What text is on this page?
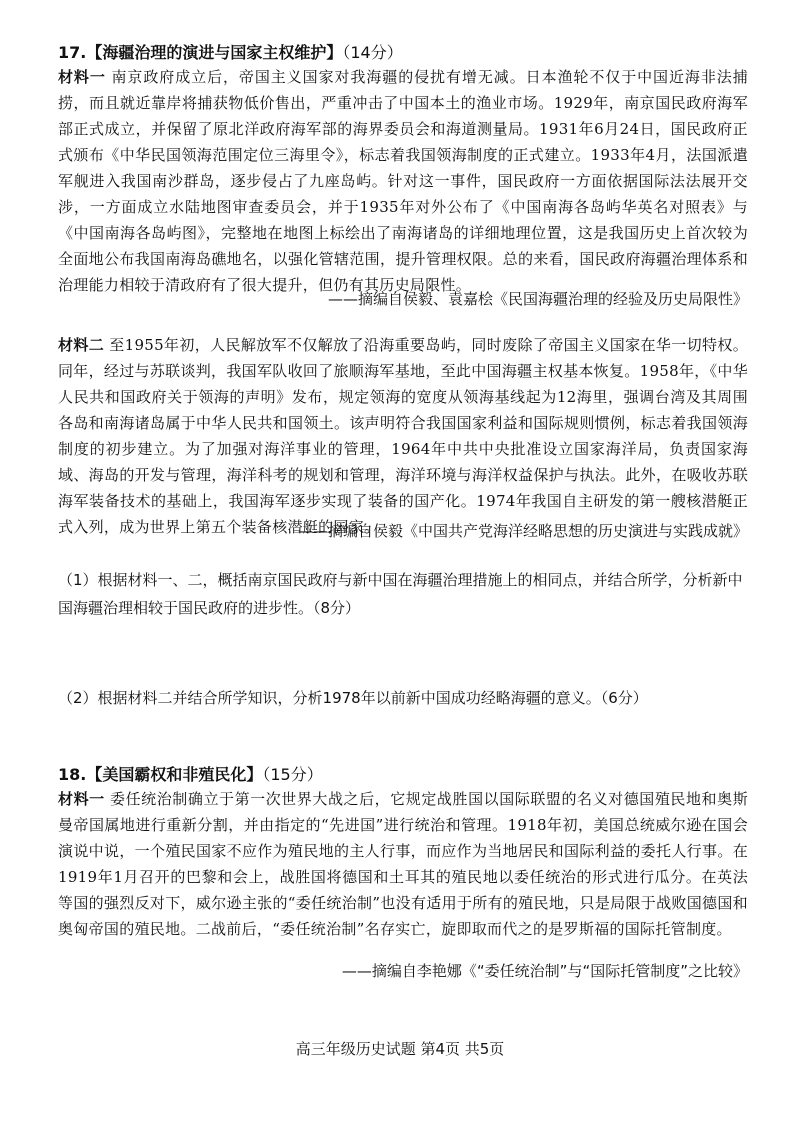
17.【海疆治理的演进与国家主权维护】（14分）
材料一 南京政府成立后，帝国主义国家对我海疆的侵扰有增无减。日本渔轮不仅于中国近海非法捕捞，而且就近靠岸将捕获物低价售出，严重冲击了中国本土的渔业市场。1929年，南京国民政府海军部正式成立，并保留了原北洋政府海军部的海界委员会和海道测量局。1931年6月24日，国民政府正式颁布《中华民国领海范围定位三海里令》，标志着我国领海制度的正式建立。1933年4月，法国派遣军舰进入我国南沙群岛，逐步侵占了九座岛屿。针对这一事件，国民政府一方面依据国际法法展开交涉，一方面成立水陆地图审查委员会，并于1935年对外公布了《中国南海各岛屿华英名对照表》与《中国南海各岛屿图》，完整地在地图上标绘出了南海诸岛的详细地理位置，这是我国历史上首次较为全面地公布我国南海岛礁地名，以强化管辖范围，提升管理权限。总的来看，国民政府海疆治理体系和治理能力相较于清政府有了很大提升，但仍有其历史局限性。
——摘编自侯毅、袁嘉桧《民国海疆治理的经验及历史局限性》
材料二 至1955年初，人民解放军不仅解放了沿海重要岛屿，同时废除了帝国主义国家在华一切特权。同年，经过与苏联谈判，我国军队收回了旅顺海军基地，至此中国海疆主权基本恢复。1958年，《中华人民共和国政府关于领海的声明》发布，规定领海的宽度从领海基线起为12海里，强调台湾及其周围各岛和南海诸岛属于中华人民共和国领土。该声明符合我国国家利益和国际规则惯例，标志着我国领海制度的初步建立。为了加强对海洋事业的管理，1964年中共中央批准设立国家海洋局，负责国家海域、海岛的开发与管理，海洋科考的规划和管理，海洋环境与海洋权益保护与执法。此外，在吸收苏联海军装备技术的基础上，我国海军逐步实现了装备的国产化。1974年我国自主研发的第一艘核潜艇正式入列，成为世界上第五个装备核潜艇的国家。
——摘编自侯毅《中国共产党海洋经略思想的历史演进与实践成就》
（1）根据材料一、二，概括南京国民政府与新中国在海疆治理措施上的相同点，并结合所学，分析新中国海疆治理相较于国民政府的进步性。（8分）
（2）根据材料二并结合所学知识，分析1978年以前新中国成功经略海疆的意义。（6分）
18.【美国霸权和非殖民化】（15分）
材料一 委任统治制确立于第一次世界大战之后，它规定战胜国以国际联盟的名义对德国殖民地和奥斯曼帝国属地进行重新分割，并由指定的“先进国”进行统治和管理。1918年初，美国总统威尔逊在国会演说中说，一个殖民国家不应作为殖民地的主人行事，而应作为当地居民和国际利益的委托人行事。在1919年1月召开的巴黎和会上，战胜国将德国和土耳其的殖民地以委任统治的形式进行瓜分。在英法等国的强烈反对下，威尔逊主张的“委任统治制”也没有适用于所有的殖民地，只是局限于战败国德国和奥匈帝国的殖民地。二战前后，“委任统治制”名存实亡，旋即取而代之的是罗斯福的国际托管制度。
——摘编自李艳娜《“委任统治制”与“国际托管制度”之比较》
高三年级历史试题 第4页 共5页
